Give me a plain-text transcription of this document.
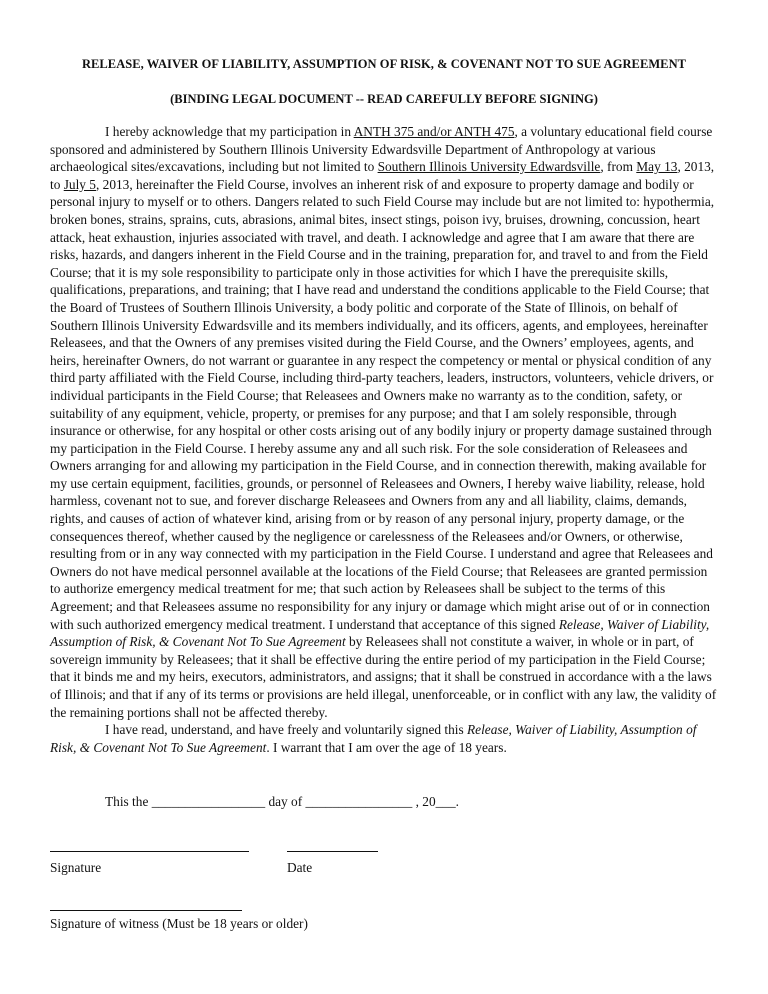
RELEASE, WAIVER OF LIABILITY, ASSUMPTION OF RISK, & COVENANT NOT TO SUE AGREEMENT
(BINDING LEGAL DOCUMENT -- READ CAREFULLY BEFORE SIGNING)

I hereby acknowledge that my participation in ANTH 375 and/or ANTH 475, a voluntary educational field course sponsored and administered by Southern Illinois University Edwardsville Department of Anthropology at various archaeological sites/excavations, including but not limited to Southern Illinois University Edwardsville, from May 13, 2013, to July 5, 2013, hereinafter the Field Course, involves an inherent risk of and exposure to property damage and bodily or personal injury to myself or to others. Dangers related to such Field Course may include but are not limited to: hypothermia, broken bones, strains, sprains, cuts, abrasions, animal bites, insect stings, poison ivy, bruises, drowning, concussion, heart attack, heat exhaustion, injuries associated with travel, and death. I acknowledge and agree that I am aware that there are risks, hazards, and dangers inherent in the Field Course and in the training, preparation for, and travel to and from the Field Course; that it is my sole responsibility to participate only in those activities for which I have the prerequisite skills, qualifications, preparations, and training; that I have read and understand the conditions applicable to the Field Course; that the Board of Trustees of Southern Illinois University, a body politic and corporate of the State of Illinois, on behalf of Southern Illinois University Edwardsville and its members individually, and its officers, agents, and employees, hereinafter Releasees, and that the Owners of any premises visited during the Field Course, and the Owners’ employees, agents, and heirs, hereinafter Owners, do not warrant or guarantee in any respect the competency or mental or physical condition of any third party affiliated with the Field Course, including third-party teachers, leaders, instructors, volunteers, vehicle drivers, or individual participants in the Field Course; that Releasees and Owners make no warranty as to the condition, safety, or suitability of any equipment, vehicle, property, or premises for any purpose; and that I am solely responsible, through insurance or otherwise, for any hospital or other costs arising out of any bodily injury or property damage sustained through my participation in the Field Course. I hereby assume any and all such risk. For the sole consideration of Releasees and Owners arranging for and allowing my participation in the Field Course, and in connection therewith, making available for my use certain equipment, facilities, grounds, or personnel of Releasees and Owners, I hereby waive liability, release, hold harmless, covenant not to sue, and forever discharge Releasees and Owners from any and all liability, claims, demands, rights, and causes of action of whatever kind, arising from or by reason of any personal injury, property damage, or the consequences thereof, whether caused by the negligence or carelessness of the Releasees and/or Owners, or otherwise, resulting from or in any way connected with my participation in the Field Course. I understand and agree that Releasees and Owners do not have medical personnel available at the locations of the Field Course; that Releasees are granted permission to authorize emergency medical treatment for me; that such action by Releasees shall be subject to the terms of this Agreement; and that Releasees assume no responsibility for any injury or damage which might arise out of or in connection with such authorized emergency medical treatment. I understand that acceptance of this signed Release, Waiver of Liability, Assumption of Risk, & Covenant Not To Sue Agreement by Releasees shall not constitute a waiver, in whole or in part, of sovereign immunity by Releasees; that it shall be effective during the entire period of my participation in the Field Course; that it binds me and my heirs, executors, administrators, and assigns; that it shall be construed in accordance with a the laws of Illinois; and that if any of its terms or provisions are held illegal, unenforceable, or in conflict with any law, the validity of the remaining portions shall not be affected thereby.

I have read, understand, and have freely and voluntarily signed this Release, Waiver of Liability, Assumption of Risk, & Covenant Not To Sue Agreement. I warrant that I am over the age of 18 years.

This the _________________ day of ________________ , 20___.
Signature	Date
Signature of witness (Must be 18 years or older)
